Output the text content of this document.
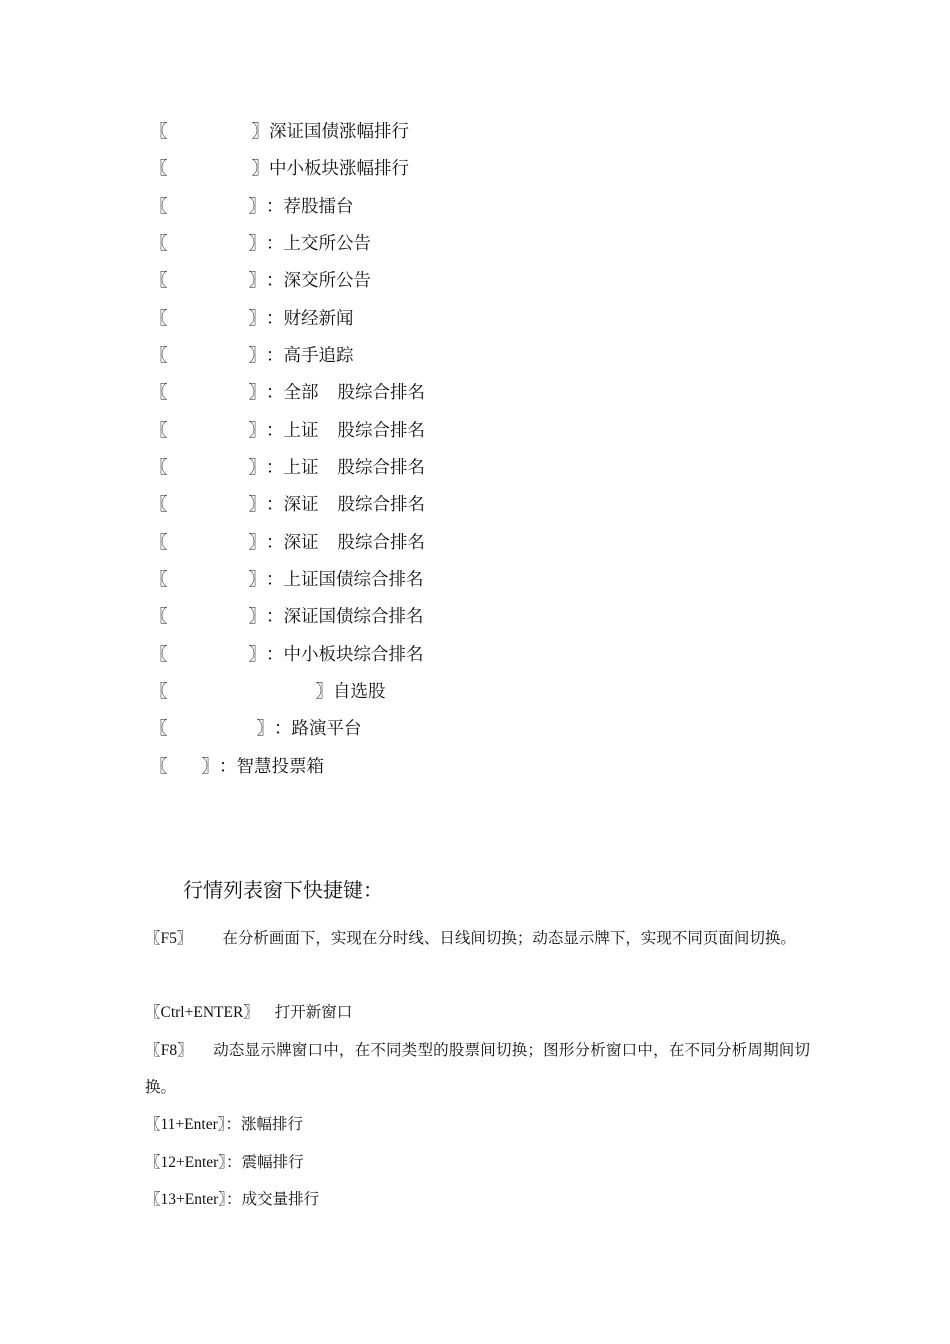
〖	〗深证国债涨幅排行
〖	〗中小板块涨幅排行
〖	〗：荐股擂台
〖	〗：上交所公告
〖	〗：深交所公告
〖	〗：财经新闻
〖	〗：高手追踪
〖	〗：全部 股综合排名
〖	〗：上证 股综合排名
〖	〗：上证 股综合排名
〖	〗：深证 股综合排名
〖	〗：深证 股综合排名
〖	〗：上证国债综合排名
〖	〗：深证国债综合排名
〖	〗：中小板块综合排名
〖	〗自选股
〖	〗：路演平台
〖 〗：智慧投票箱
行情列表窗下快捷键：
〖F5〗 在分析画面下，实现在分时线、日线间切换；动态显示牌下，实现不同页面间切换。
〖Ctrl+ENTER〗 打开新窗口
〖F8〗 动态显示牌窗口中，在不同类型的股票间切换；图形分析窗口中，在不同分析周期间切换。
〖11+Enter〗：涨幅排行
〖12+Enter〗：震幅排行
〖13+Enter〗：成交量排行
